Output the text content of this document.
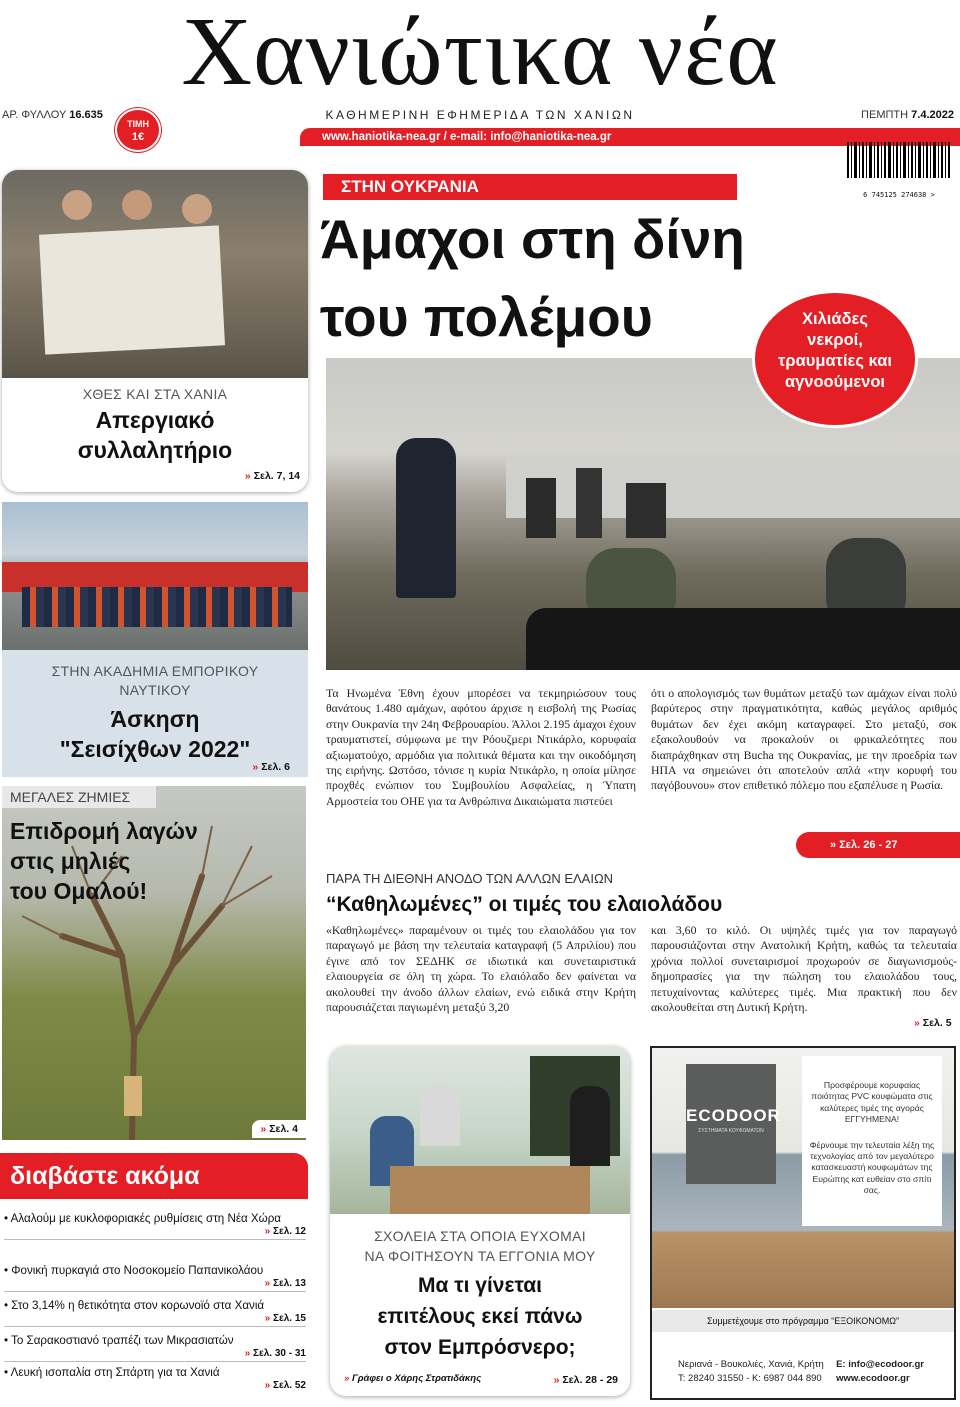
Χανιώτικα νέα
ΑΡ. ΦΥΛΛΟΥ 16.635
ΤΙΜΗ
1€
ΚΑΘΗΜΕΡΙΝΗ ΕΦΗΜΕΡΙΔΑ ΤΩΝ ΧΑΝΙΩΝ	ΠΕΜΠΤΗ 7.4.2022
www.haniotika-nea.gr / e-mail: info@haniotika-nea.gr
6 745125 274638 >
ΧΘΕΣ ΚΑΙ ΣΤΑ ΧΑΝΙΑ
Απεργιακό
συλλαλητήριο
» Σελ. 7, 14
ΣΤΗΝ ΑΚΑΔΗΜΙΑ ΕΜΠΟΡΙΚΟΥ
ΝΑΥΤΙΚΟΥ
Άσκηση
"Σεισίχθων 2022"
» Σελ. 6
ΜΕΓΑΛΕΣ ΖΗΜΙΕΣ
Επιδρομή λαγών
στις μηλιές
του Ομαλού!
» Σελ. 4
διαβάστε ακόμα
• Αλαλούμ με κυκλοφοριακές ρυθμίσεις στη Νέα Χώρα
» Σελ. 12
• Φονική πυρκαγιά στο Νοσοκομείο Παπανικολάου
» Σελ. 13
• Στο 3,14% η θετικότητα στον κορωνοϊό στα Χανιά
» Σελ. 15
• Το Σαρακοστιανό τραπέζι των Μικρασιατών
» Σελ. 30 - 31
• Λευκή ισοπαλία στη Σπάρτη για τα Χανιά
» Σελ. 52
ΣΤΗΝ ΟΥΚΡΑΝΙΑ
Άμαχοι στη δίνη
του πολέμου	Χιλιάδες
νεκροί,
τραυματίες και
αγνοούμενοι
Τα Ηνωμένα Έθνη έχουν μπορέσει να τεκμηριώσουν τους θανάτους 1.480 αμάχων, αφότου άρχισε η εισβολή της Ρωσίας στην Ουκρανία την 24η Φεβρουαρίου. Άλλοι 2.195 άμαχοι έχουν τραυματιστεί, σύμφωνα με την Ρόουζμερι Ντικάρλο, κορυφαία αξιωματούχο, αρμόδια για πολιτικά θέματα και την οικοδόμηση της ειρήνης. Ωστόσο, τόνισε η κυρία Ντικάρλο, η οποία μίλησε προχθές ενώπιον του Συμβουλίου Ασφαλείας, η Ύπατη Αρμοστεία του ΟΗΕ για τα Ανθρώπινα Δικαιώματα πιστεύει
ότι ο απολογισμός των θυμάτων μεταξύ των αμάχων είναι πολύ βαρύτερος στην πραγματικότητα, καθώς μεγάλος αριθμός θυμάτων δεν έχει ακόμη καταγραφεί. Στο μεταξύ, σοκ εξακολουθούν να προκαλούν οι φρικαλεότητες που διαπράχθηκαν στη Bucha της Ουκρανίας, με την προεδρία των ΗΠΑ να σημειώνει ότι αποτελούν απλά «την κορυφή του παγόβουνου» στον επιθετικό πόλεμο που εξαπέλυσε η Ρωσία.
» Σελ. 26 - 27
ΠΑΡΑ ΤΗ ΔΙΕΘΝΗ ΑΝΟΔΟ ΤΩΝ ΑΛΛΩΝ ΕΛΑΙΩΝ
“Καθηλωμένες” οι τιμές του ελαιολάδου
«Καθηλωμένες» παραμένουν οι τιμές του ελαιολάδου για τον παραγωγό με βάση την τελευταία καταγραφή (5 Απριλίου) που έγινε από τον ΣΕΔΗΚ σε ιδιωτικά και συνεταιριστικά ελαιουργεία σε όλη τη χώρα. Το ελαιόλαδο δεν φαίνεται να ακολουθεί την άνοδο άλλων ελαίων, ενώ ειδικά στην Κρήτη παρουσιάζεται παγιωμένη μεταξύ 3,20
και 3,60 το κιλό. Οι υψηλές τιμές για τον παραγωγό παρουσιάζονται στην Ανατολική Κρήτη, καθώς τα τελευταία χρόνια πολλοί συνεταιρισμοί προχωρούν σε διαγωνισμούς- δημοπρασίες για την πώληση του ελαιολάδου τους, πετυχαίνοντας καλύτερες τιμές. Μια πρακτική που δεν ακολουθείται στη Δυτική Κρήτη.
» Σελ. 5
ΣΧΟΛΕΙΑ ΣΤΑ ΟΠΟΙΑ ΕΥΧΟΜΑΙ
ΝΑ ΦΟΙΤΗΣΟΥΝ ΤΑ ΕΓΓΟΝΙΑ ΜΟΥ
Μα τι γίνεται
επιτέλους εκεί πάνω
στον Εμπρόσνερο;
» Γράφει ο Χάρης Στρατιδάκης	» Σελ. 28 - 29
ECODOOR
ΣΥΣΤΗΜΑΤΑ ΚΟΥΦΩΜΑΤΩΝ
Προσφέρουμε κορυφαίας ποιότητας PVC κουφώματα στις καλύτερες τιμές της αγοράς ΕΓΓΥΗΜΕΝΑ!
Φέρνουμε την τελευταία λέξη της τεχνολογίας από τον μεγαλύτερο κατασκευαστή κουφωμάτων της Ευρώπης κατ ευθείαν στο σπίτι σας.
Συμμετέχουμε στο πρόγραμμα “ΕΞΟΙΚΟΝΟΜΩ”
Νεριανά - Βουκολιές, Χανιά, Κρήτη
Τ: 28240 31550 - Κ: 6987 044 890
E: info@ecodoor.gr
www.ecodoor.gr
